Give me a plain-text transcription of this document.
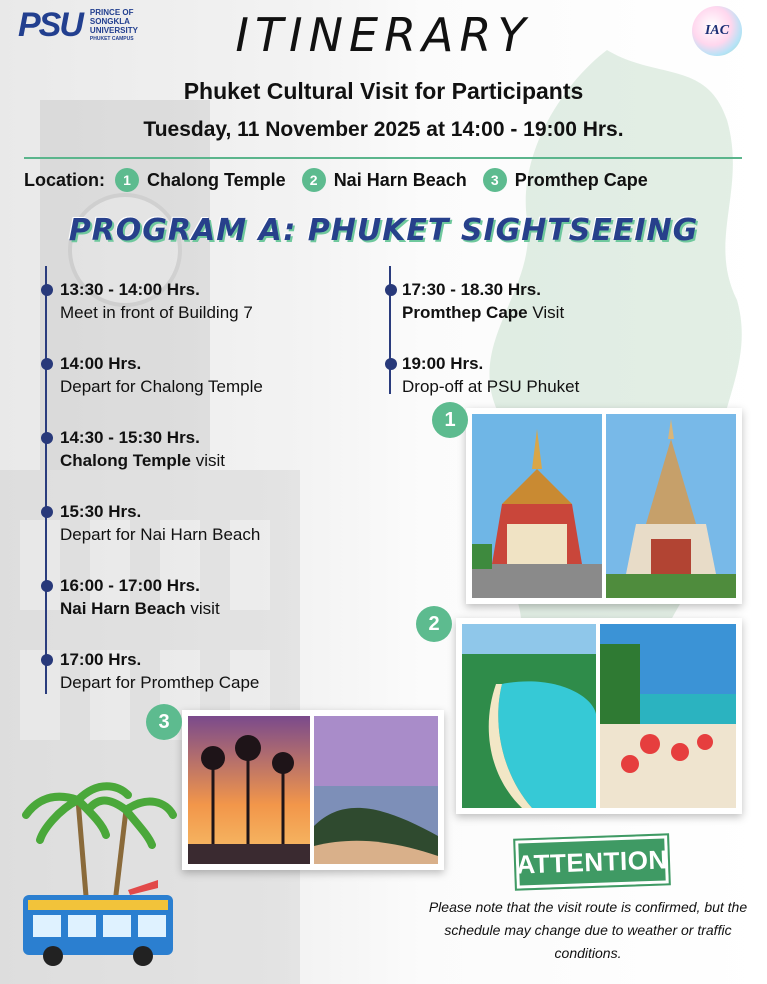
PSU PRINCE OF
SONGKLA
UNIVERSITY
PHUKET CAMPUS
IAC
ITINERARY
Phuket Cultural Visit for Participants
Tuesday, 11 November 2025 at 14:00 - 19:00 Hrs.
Location:	1 Chalong Temple	2 Nai Harn Beach	3 Promthep Cape
PROGRAM A: PHUKET SIGHTSEEING
13:30 - 14:00 Hrs.
Meet in front of Building 7
14:00 Hrs.
Depart for Chalong Temple
14:30 - 15:30 Hrs.
Chalong Temple visit
15:30 Hrs.
Depart for Nai Harn Beach
16:00 - 17:00 Hrs.
Nai Harn Beach visit
17:00 Hrs.
Depart for Promthep Cape
17:30 - 18.30 Hrs.
Promthep Cape Visit
19:00 Hrs.
Drop-off at PSU Phuket
1
2
3
ATTENTION
Please note that the visit route is confirmed, but the schedule may change due to weather or traffic conditions.
